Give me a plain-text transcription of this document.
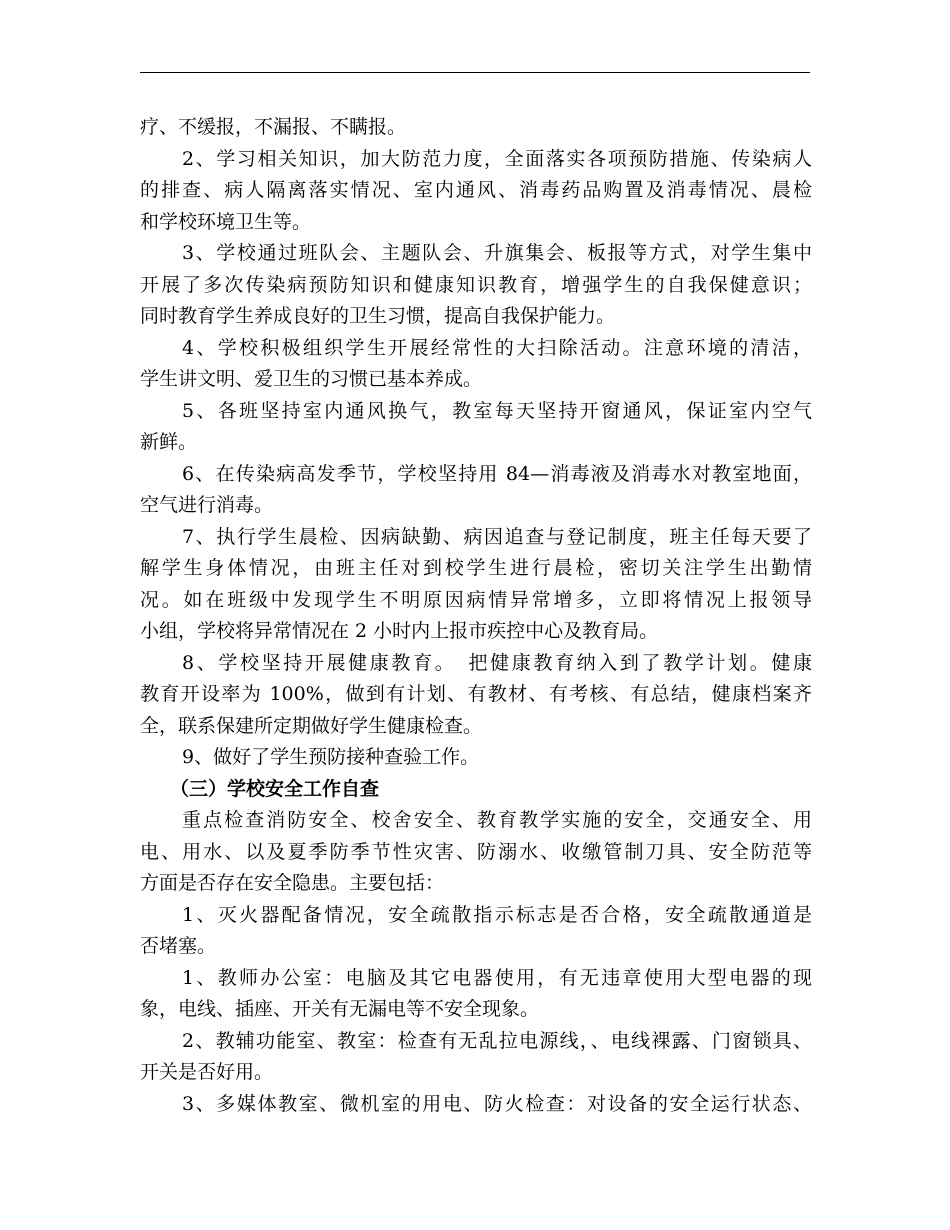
疗、不缓报，不漏报、不瞒报。
2、学习相关知识，加大防范力度，全面落实各项预防措施、传染病人
的排查、病人隔离落实情况、室内通风、消毒药品购置及消毒情况、晨检
和学校环境卫生等。
3、学校通过班队会、主题队会、升旗集会、板报等方式，对学生集中
开展了多次传染病预防知识和健康知识教育，增强学生的自我保健意识；
同时教育学生养成良好的卫生习惯，提高自我保护能力。
4、学校积极组织学生开展经常性的大扫除活动。注意环境的清洁，
学生讲文明、爱卫生的习惯已基本养成。
5、各班坚持室内通风换气，教室每天坚持开窗通风，保证室内空气
新鲜。
6、在传染病高发季节，学校坚持用 84—消毒液及消毒水对教室地面，
空气进行消毒。
7、执行学生晨检、因病缺勤、病因追查与登记制度，班主任每天要了
解学生身体情况，由班主任对到校学生进行晨检，密切关注学生出勤情
况。如在班级中发现学生不明原因病情异常增多，立即将情况上报领导
小组，学校将异常情况在 2 小时内上报市疾控中心及教育局。
8、学校坚持开展健康教育。　把健康教育纳入到了教学计划。健康
教育开设率为 100%，做到有计划、有教材、有考核、有总结，健康档案齐
全，联系保建所定期做好学生健康检查。
9、做好了学生预防接种查验工作。
（三）学校安全工作自查
重点检查消防安全、校舍安全、教育教学实施的安全，交通安全、用
电、用水、以及夏季防季节性灾害、防溺水、收缴管制刀具、安全防范等
方面是否存在安全隐患。主要包括：
1、灭火器配备情况，安全疏散指示标志是否合格，安全疏散通道是
否堵塞。
1、教师办公室：电脑及其它电器使用，有无违章使用大型电器的现
象，电线、插座、开关有无漏电等不安全现象。
2、教辅功能室、教室：检查有无乱拉电源线，、电线裸露、门窗锁具、
开关是否好用。
3、多媒体教室、微机室的用电、防火检查：对设备的安全运行状态、
